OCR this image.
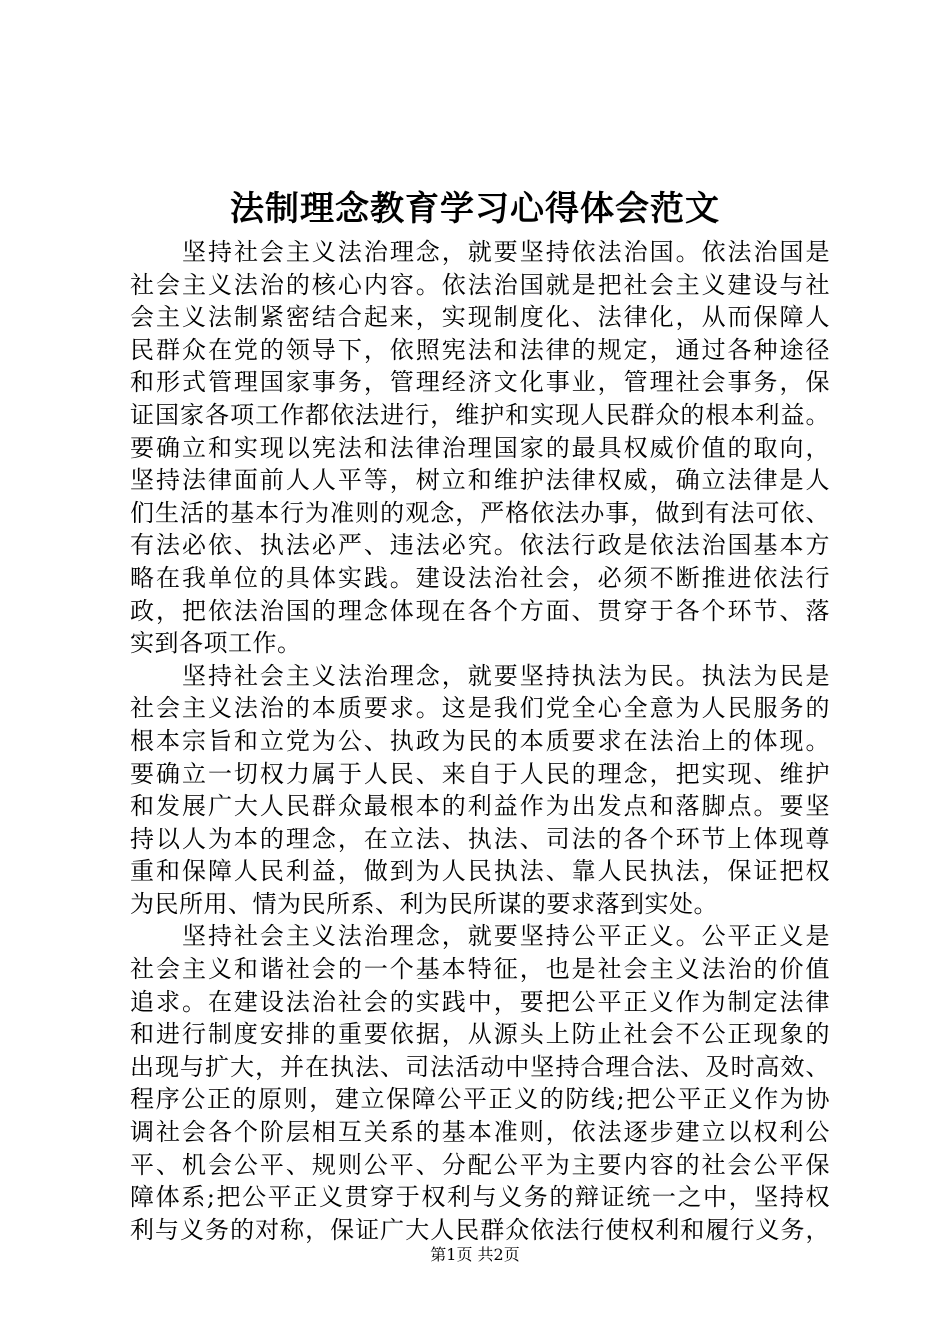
法制理念教育学习心得体会范文
坚持社会主义法治理念，就要坚持依法治国。依法治国是
社会主义法治的核心内容。依法治国就是把社会主义建设与社
会主义法制紧密结合起来，实现制度化、法律化，从而保障人
民群众在党的领导下，依照宪法和法律的规定，通过各种途径
和形式管理国家事务，管理经济文化事业，管理社会事务，保
证国家各项工作都依法进行，维护和实现人民群众的根本利益。
要确立和实现以宪法和法律治理国家的最具权威价值的取向，
坚持法律面前人人平等，树立和维护法律权威，确立法律是人
们生活的基本行为准则的观念，严格依法办事，做到有法可依、
有法必依、执法必严、违法必究。依法行政是依法治国基本方
略在我单位的具体实践。建设法治社会，必须不断推进依法行
政，把依法治国的理念体现在各个方面、贯穿于各个环节、落
实到各项工作。
坚持社会主义法治理念，就要坚持执法为民。执法为民是
社会主义法治的本质要求。这是我们党全心全意为人民服务的
根本宗旨和立党为公、执政为民的本质要求在法治上的体现。
要确立一切权力属于人民、来自于人民的理念，把实现、维护
和发展广大人民群众最根本的利益作为出发点和落脚点。要坚
持以人为本的理念，在立法、执法、司法的各个环节上体现尊
重和保障人民利益，做到为人民执法、靠人民执法，保证把权
为民所用、情为民所系、利为民所谋的要求落到实处。
坚持社会主义法治理念，就要坚持公平正义。公平正义是
社会主义和谐社会的一个基本特征，也是社会主义法治的价值
追求。在建设法治社会的实践中，要把公平正义作为制定法律
和进行制度安排的重要依据，从源头上防止社会不公正现象的
出现与扩大，并在执法、司法活动中坚持合理合法、及时高效、
程序公正的原则，建立保障公平正义的防线;把公平正义作为协
调社会各个阶层相互关系的基本准则，依法逐步建立以权利公
平、机会公平、规则公平、分配公平为主要内容的社会公平保
障体系;把公平正义贯穿于权利与义务的辩证统一之中，坚持权
利与义务的对称，保证广大人民群众依法行使权利和履行义务，
第1页 共2页
